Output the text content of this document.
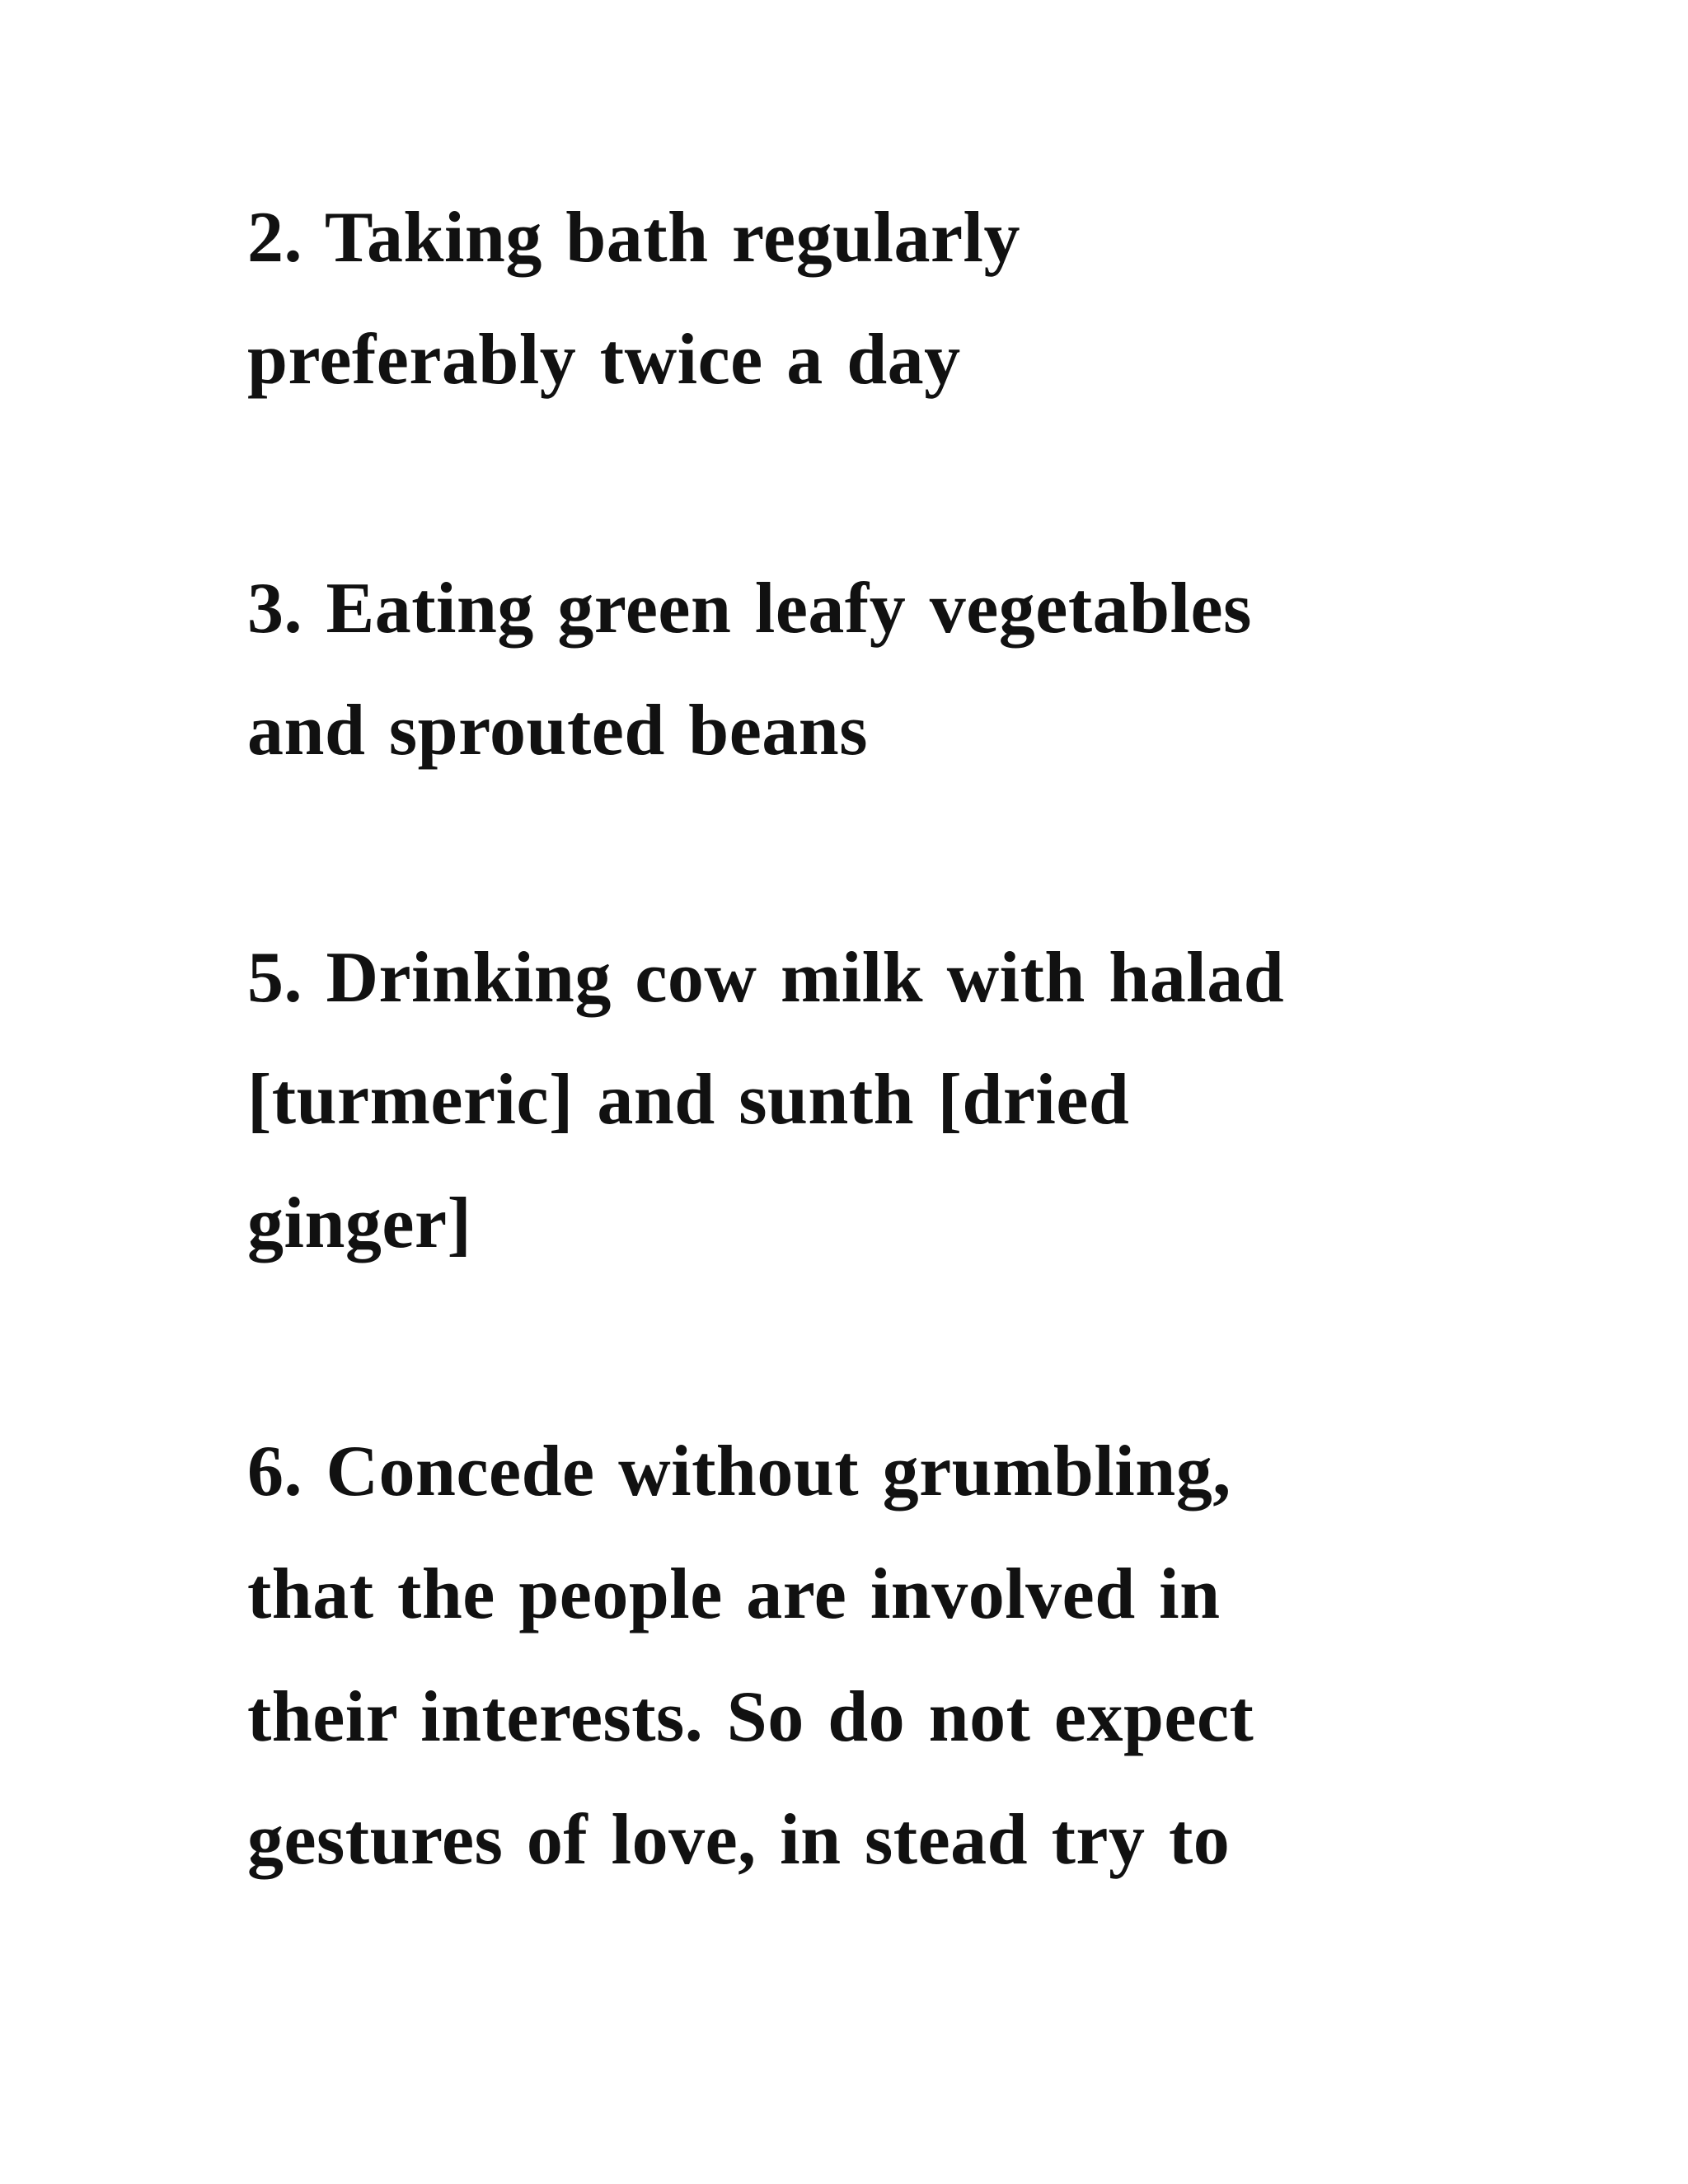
2. Taking bath regularly

preferably twice a day

3. Eating green leafy vegetables

and sprouted beans

5. Drinking cow milk with halad

[turmeric] and sunth [dried

ginger]

6. Concede without grumbling,

that the people are involved in

their interests. So do not expect

gestures of love, in stead try to
